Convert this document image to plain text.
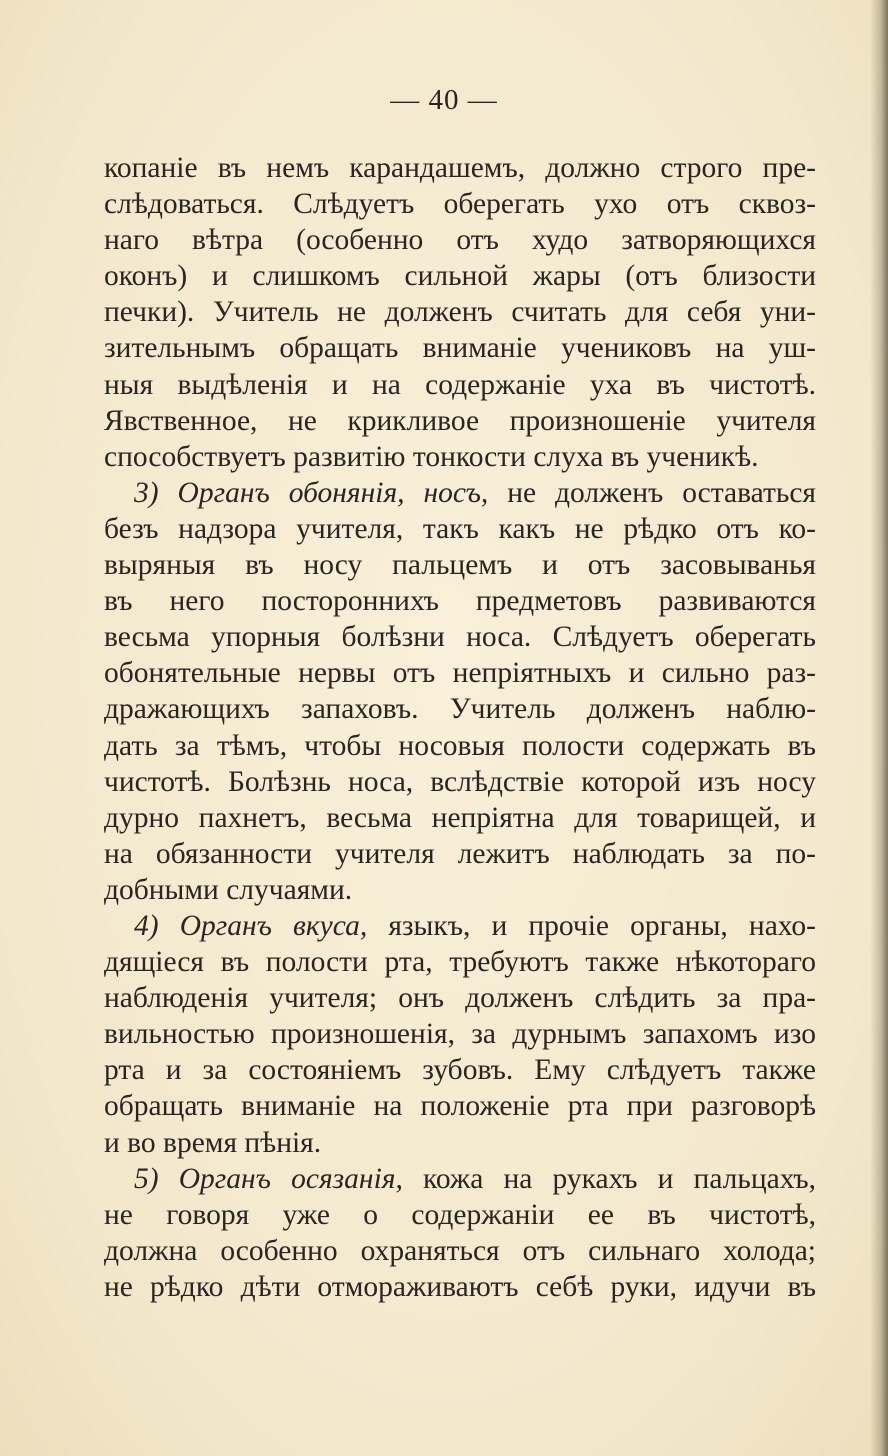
— 40 —
копаніе въ немъ карандашемъ, должно строго пре-
слѣдоваться. Слѣдуетъ оберегать ухо отъ сквоз-
наго вѣтра (особенно отъ худо затворяющихся
оконъ) и слишкомъ сильной жары (отъ близости
печки). Учитель не долженъ считать для себя уни-
зительнымъ обращать вниманіе учениковъ на уш-
ныя выдѣленія и на содержаніе уха въ чистотѣ.
Явственное, не крикливое произношеніе учителя
способствуетъ развитію тонкости слуха въ ученикѣ.
3) Органъ обонянія, носъ, не долженъ оставаться
безъ надзора учителя, такъ какъ не рѣдко отъ ко-
выряныя въ носу пальцемъ и отъ засовыванья
въ него постороннихъ предметовъ развиваются
весьма упорныя болѣзни носа. Слѣдуетъ оберегать
обонятельные нервы отъ непріятныхъ и сильно раз-
дражающихъ запаховъ. Учитель долженъ наблю-
дать за тѣмъ, чтобы носовыя полости содержать въ
чистотѣ. Болѣзнь носа, вслѣдствіе которой изъ носу
дурно пахнетъ, весьма непріятна для товарищей, и
на обязанности учителя лежитъ наблюдать за по-
добными случаями.
4) Органъ вкуса, языкъ, и прочіе органы, нахо-
дящіеся въ полости рта, требуютъ также нѣкотораго
наблюденія учителя; онъ долженъ слѣдить за пра-
вильностью произношенія, за дурнымъ запахомъ изо
рта и за состояніемъ зубовъ. Ему слѣдуетъ также
обращать вниманіе на положеніе рта при разговорѣ
и во время пѣнія.
5) Органъ осязанія, кожа на рукахъ и пальцахъ,
не говоря уже о содержаніи ее въ чистотѣ,
должна особенно охраняться отъ сильнаго холода;
не рѣдко дѣти отмораживаютъ себѣ руки, идучи въ
